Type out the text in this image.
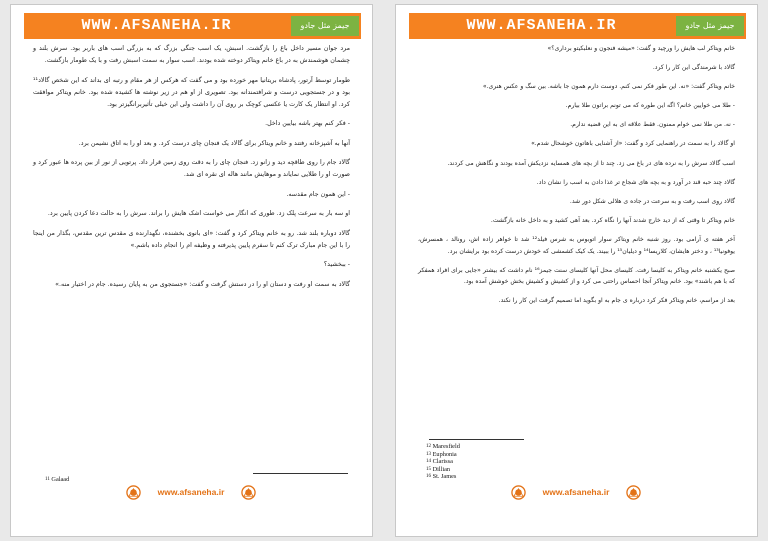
WWW.AFSANEHA.IR	جیمز مثل جادو

مرد جوان مسیر داخل باغ را بازگشت. اسبش، یک اسب جنگی بزرگ که به بزرگی اسب های باربر بود. سرش بلند و چشمان هوشمندش به در باغ خانم ویتاکر دوخته شده بودند. اسب سوار به سمت اسبش رفت و با یک طومار بازگشت.

طومار توسط آرتور، پادشاه بریتانیا مهر خورده بود و می گفت که هرکس از هر مقام و رتبه ای بداند که این شخص گالاد¹¹ بود و در جستجویی درست و شرافتمندانه بود. تصویری از او هم در زیر نوشته ها کشیده شده بود. خانم ویتاکر موافقت کرد. او انتظار یک کارت یا عکسی کوچک بر روی آن را داشت ولی این خیلی تأثیربرانگیزتر بود.

- فکر کنم بهتر باشه بیایین داخل.

آنها به آشپزخانه رفتند و خانم ویتاکر برای گالاد یک فنجان چای درست کرد. و بعد او را به اتاق نشیمن برد.

گالاد جام را روی طاقچه دید و زانو زد. فنجان چای را به دقت روی زمین قرار داد. پرتویی از نور از بین پرده ها عبور کرد و صورت او را طلایی نمایاند و موهایش مانند هاله ای نقره ای شد.

- این همون جام مقدسه.

او سه بار به سرعت پلک زد. طوری که انگار می خواست اشک هایش را براند. سرش را به حالت دعا کردن پایین برد.

گالاد دوباره بلند شد. رو به خانم ویتاکر کرد و گفت: «ای بانوی بخشنده، نگهدارنده ی مقدس ترین مقدس، بگذار من اینجا را با این جام مبارک ترک کنم تا سفرم پایین پذیرفته و وظیفه ام را انجام داده باشم.»

- ببخشید؟

گالاد به سمت او رفت و دستان او را در دستش گرفت و گفت: «جستجوی من به پایان رسیده. جام در اختیار منه.»

$^{11}$ Galaad
www.afsaneha.ir
WWW.AFSANEHA.IR	جیمز مثل جادو

خانم ویتاکر لب هایش را ورچید و گفت: «میشه فنجون و نعلبکیتو برداری؟»

گالاد با شرمندگی این کار را کرد.

خانم ویتاکر گفت: «نه. این طور فکر نمی کنم. دوست دارم همون جا باشه. بین سگ و عکس هنری.»

- طلا می خوایین خانم؟ اگه این طوره که می تونم براتون طلا بیارم.

- نه. من طلا نمی خوام ممنون. فقط علاقه ای به این قضیه ندارم.

او گالاد را به سمت در راهنمایی کرد و گفت: «از آشنایی باهاتون خوشحال شدم.»

اسب گالاد سرش را به نرده های در باغ می زد. چند تا از بچه های همسایه نزدیکش آمده بودند و نگاهش می کردند.

گالاد چند حبه قند در آورد و به بچه های شجاع تر غذا دادن به اسب را نشان داد.

گالاد روی اسب رفت و به سرعت در جاده ی هلالی شکل دور شد.

خانم ویتاکر تا وقتی که از دید خارج شدند آنها را نگاه کرد. بعد آهی کشید و به داخل خانه بازگشت.

آخر هفته ی آرامی بود. روز شنبه خانم ویتاکر سوار اتوبوس به شرس فیلد¹² شد تا خواهر زاده اش، رونالد ، همسرش، یوفونیا¹³ ، و دختر هایشان، کلاریسا¹⁴ و دیلیان¹⁵ را ببیند. یک کیک کشمشی که خودش درست کرده بود برایشان برد.

صبح یکشنبه خانم ویتاکر به کلیسا رفت. کلیسای محل آنها کلیسای سنت جیمز¹⁶ نام داشت که بیشتر «جایی برای افراد همفکر که با هم باشند» بود. خانم ویتاکر آنجا احساس راحتی می کرد و از کشیش و کشیش بخش خوشش آمده بود.

بعد از مراسم، خانم ویتاکر فکر کرد درباره ی جام به او بگوید اما تصمیم گرفت این کار را نکند.

$^{12}$ Maresfield
$^{13}$ Euphonia
$^{14}$ Clarissa
$^{15}$ Dillian
$^{16}$ St. James
www.afsaneha.ir
